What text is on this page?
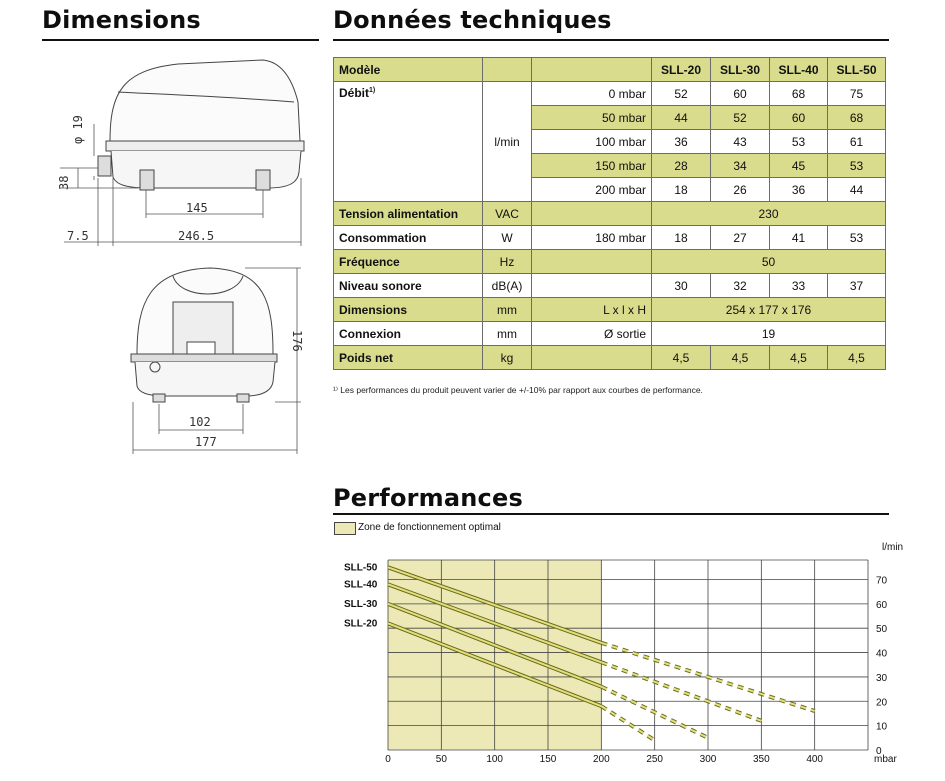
Dimensions	Données techniques
Performances
φ 19
38
145
7.5	246.5
176
102
177
Modèle			SLL-20	SLL-30	SLL-40	SLL-50
Débit$^{1)}$	l/min	0 mbar	52	60	68	75
		50 mbar	44	52	60	68
		100 mbar	36	43	53	61
		150 mbar	28	34	45	53
		200 mbar	18	26	36	44
Tension alimentation	VAC		230			
Consommation	W	180 mbar	18	27	41	53
Fréquence	Hz		50			
Niveau sonore	dB(A)		30	32	33	37
Dimensions	mm	L x l x H	254 x 177 x 176			
Connexion	mm	Ø sortie	19			
Poids net	kg		4,5	4,5	4,5	4,5
¹⁾ Les performances du produit peuvent varier de +/-10% par rapport aux courbes de performance.
Zone de fonctionnement optimal
0	50	100	150	200	250	300	350	400
0
10
20
30
40
50
60
70
SLL-50
SLL-40
SLL-30
SLL-20
mbar
l/min
